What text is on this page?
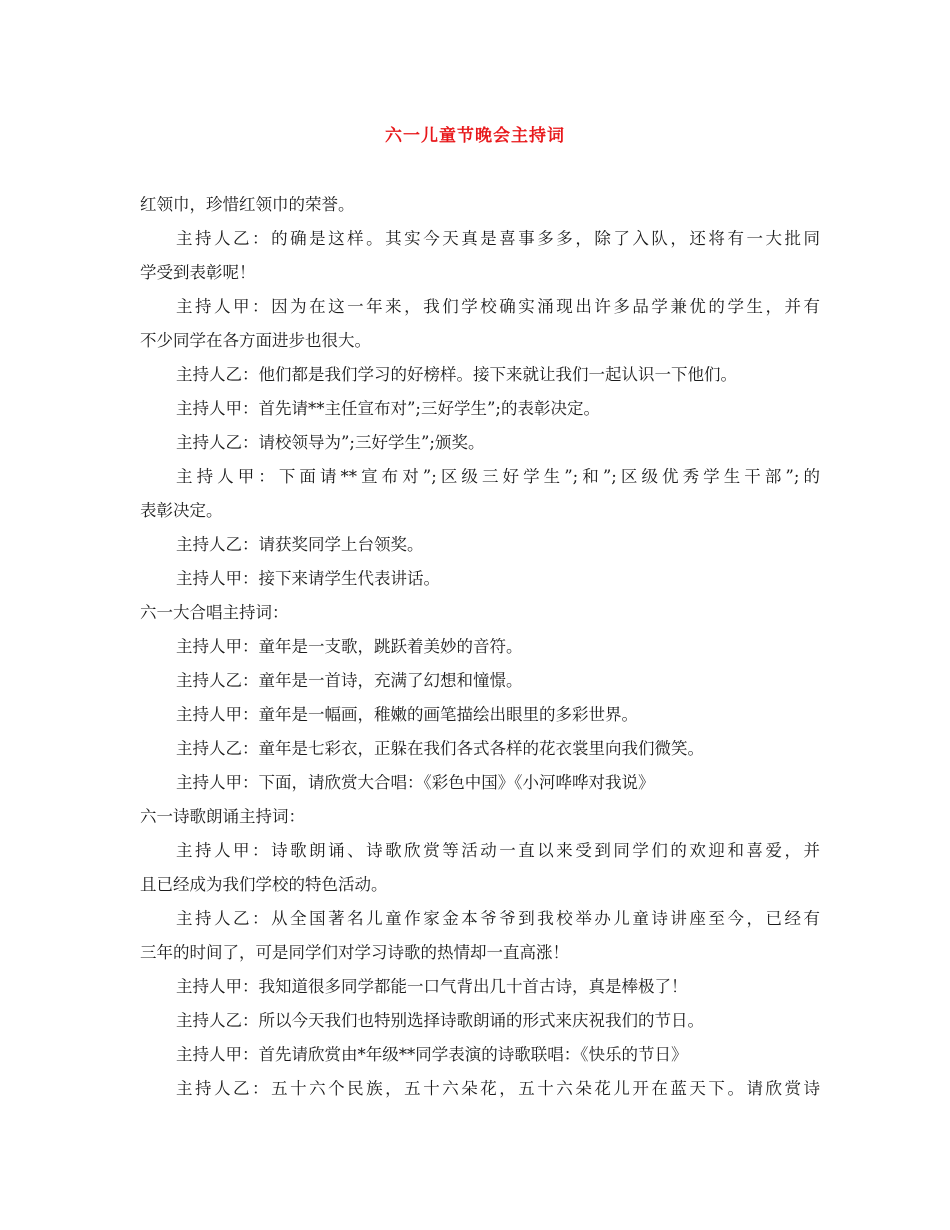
六一儿童节晚会主持词
红领巾，珍惜红领巾的荣誉。
主持人乙：的确是这样。其实今天真是喜事多多，除了入队，还将有一大批同
学受到表彰呢！
主持人甲：因为在这一年来，我们学校确实涌现出许多品学兼优的学生，并有
不少同学在各方面进步也很大。
主持人乙：他们都是我们学习的好榜样。接下来就让我们一起认识一下他们。
主持人甲：首先请**主任宣布对”;三好学生”;的表彰决定。
主持人乙：请校领导为”;三好学生”;颁奖。
主持人甲：下面请**宣布对”;区级三好学生”;和”;区级优秀学生干部”;的
表彰决定。
主持人乙：请获奖同学上台领奖。
主持人甲：接下来请学生代表讲话。
六一大合唱主持词：
主持人甲：童年是一支歌，跳跃着美妙的音符。
主持人乙：童年是一首诗，充满了幻想和憧憬。
主持人甲：童年是一幅画，稚嫩的画笔描绘出眼里的多彩世界。
主持人乙：童年是七彩衣，正躲在我们各式各样的花衣裳里向我们微笑。
主持人甲：下面，请欣赏大合唱：《彩色中国》《小河哗哗对我说》
六一诗歌朗诵主持词：
主持人甲：诗歌朗诵、诗歌欣赏等活动一直以来受到同学们的欢迎和喜爱，并
且已经成为我们学校的特色活动。
主持人乙：从全国著名儿童作家金本爷爷到我校举办儿童诗讲座至今，已经有
三年的时间了，可是同学们对学习诗歌的热情却一直高涨！
主持人甲：我知道很多同学都能一口气背出几十首古诗，真是棒极了！
主持人乙：所以今天我们也特别选择诗歌朗诵的形式来庆祝我们的节日。
主持人甲：首先请欣赏由*年级**同学表演的诗歌联唱：《快乐的节日》
主持人乙：五十六个民族，五十六朵花，五十六朵花儿开在蓝天下。请欣赏诗
